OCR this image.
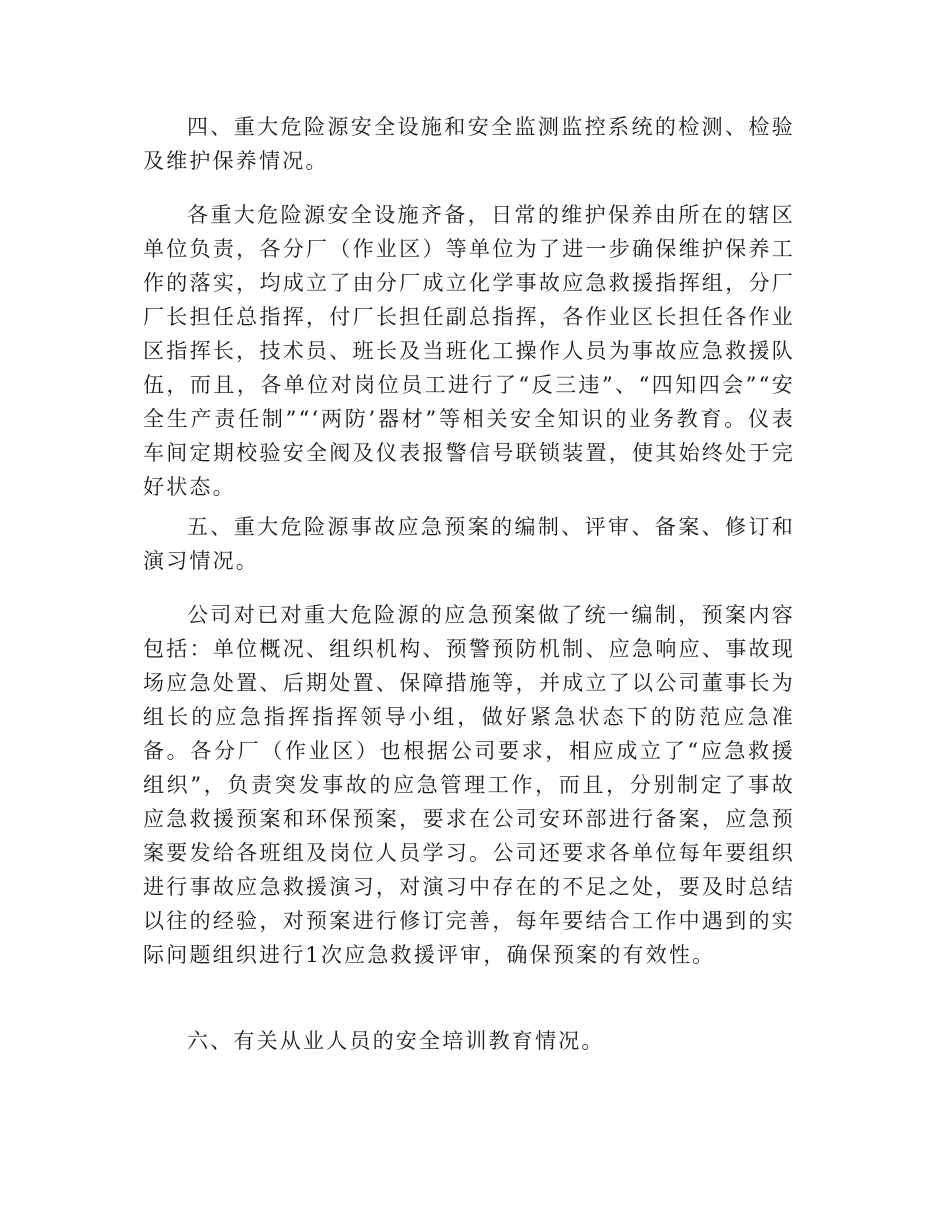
四、重大危险源安全设施和安全监测监控系统的检测、检验及维护保养情况。

各重大危险源安全设施齐备，日常的维护保养由所在的辖区单位负责，各分厂（作业区）等单位为了进一步确保维护保养工作的落实，均成立了由分厂成立化学事故应急救援指挥组，分厂厂长担任总指挥，付厂长担任副总指挥，各作业区长担任各作业区指挥长，技术员、班长及当班化工操作人员为事故应急救援队伍，而且，各单位对岗位员工进行了“反三违”、“四知四会”“安全生产责任制”“‘两防’器材”等相关安全知识的业务教育。仪表车间定期校验安全阀及仪表报警信号联锁装置，使其始终处于完好状态。

五、重大危险源事故应急预案的编制、评审、备案、修订和演习情况。

公司对已对重大危险源的应急预案做了统一编制，预案内容包括：单位概况、组织机构、预警预防机制、应急响应、事故现场应急处置、后期处置、保障措施等，并成立了以公司董事长为组长的应急指挥指挥领导小组，做好紧急状态下的防范应急准备。各分厂（作业区）也根据公司要求，相应成立了“应急救援组织”，负责突发事故的应急管理工作，而且，分别制定了事故应急救援预案和环保预案，要求在公司安环部进行备案，应急预案要发给各班组及岗位人员学习。公司还要求各单位每年要组织进行事故应急救援演习，对演习中存在的不足之处，要及时总结以往的经验，对预案进行修订完善，每年要结合工作中遇到的实际问题组织进行1次应急救援评审，确保预案的有效性。

六、有关从业人员的安全培训教育情况。
